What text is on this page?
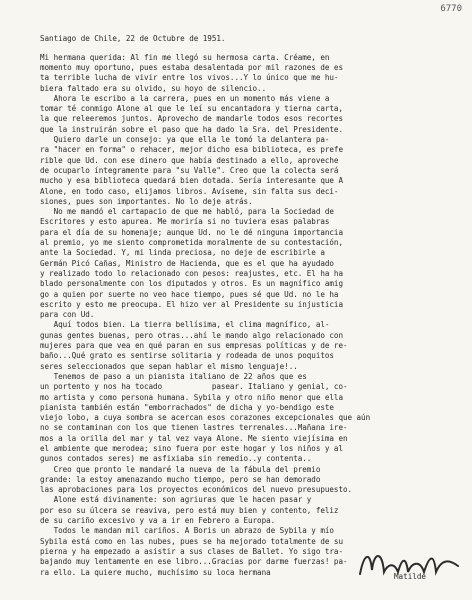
6770

Santiago de Chile, 22 de Octubre de 1951.

Mi hermana querida: Al fin me llegó su hermosa carta. Créame, en

momento muy oportuno, pues estaba desalentada por mil razones de es

ta terrible lucha de vivir entre los vivos...Y lo único que me hu-

biera faltado era su olvido, su hoyo de silencio..

Ahora le escribo a la carrera, pues en un momento más viene a

tomar té conmigo Alone al que le leí su encantadora y tierna carta,

la que releeremos juntos. Aprovecho de mandarle todos esos recortes

que la instruirán sobre el paso que ha dado la Sra. del Presidente.

Quiero darle un consejo: ya que ella le tomó la delantera pa-

ra "hacer en forma" o rehacer, mejor dicho esa biblioteca, es prefe

rible que Ud. con ese dinero que había destinado a ello, aproveche

de ocuparlo íntegramente para "su Valle". Creo que la colecta será

mucho y esa biblioteca quedará bien dotada. Sería interesante que A

Alone, en todo caso, elijamos libros. Avíseme, sin falta sus deci-

siones, pues son importantes. No lo deje atrás.

No me mandó el cartapacio de que me habló, para la Sociedad de

Escritores y esto apurea. Me moriría si no tuviera esas palabras

para el día de su homenaje; aunque Ud. no le dé ninguna importancia

al premio, yo me siento comprometida moralmente de su contestación,

ante la Sociedad. Y, mi linda preciosa, no deje de escribirle a

Germán Picó Cañas, Ministro de Hacienda, que es el que ha ayudado

y realizado todo lo relacionado con pesos: reajustes, etc. El ha ha

blado personalmente con los diputados y otros. Es un magnífico amig

go a quien por suerte no veo hace tiempo, pues sé que Ud. no le ha

escrito y esto me preocupa. El hizo ver al Presidente su injusticia

para con Ud.

Aquí todos bien. La tierra bellísima, el clima magnífico, al-

gunas gentes buenas, pero otras...ahí le mando algo relacionado con

mujeres para que vea en qué paran en sus empresas políticas y de re-

baño...Qué grato es sentirse solitaria y rodeada de unos poquitos

seres seleccionados que sepan hablar el mismo lenguaje!..

Tenemos de paso a un pianista italiano de 22 años que es

un portento y nos ha tocado           pasear. Italiano y genial, co-

mo artista y como persona humana. Sybila y otro niño menor que ella

pianista también están "emborrachados" de dicha y yo-bendigo este

viejo lobo, a cuya sombra se acercan esos corazones excepcionales que aún

no se contaminan con los que tienen lastres terrenales...Mañana ire-

mos a la orilla del mar y tal vez vaya Alone. Me siento viejísima en

el ambiente que merodea; sino fuera por este hogar y los niños y al

gunos contados seres) me asfixiaba sin remedio..y contenta..

Creo que pronto le mandaré la nueva de la fábula del premio

grande: la estoy amenazando mucho tiempo, pero se han demorado

las aprobaciones para los proyectos económicos del nuevo presupuesto.

Alone está divinamente: son agriuras que le hacen pasar y

por eso su úlcera se reaviva, pero está muy bien y contento, feliz

de su cariño excesivo y va a ir en Febrero a Europa.

Todos le mandan mil cariños. A Boris un abrazo de Sybila y mío

Sybila está como en las nubes, pues se ha mejorado totalmente de su

pierna y ha empezado a asistir a sus clases de Ballet. Yo sigo tra-

bajando muy lentamente en ese libro...Gracias por darme fuerzas! pa-

ra ello. La quiere mucho, muchísimo su loca hermana	Matilde
